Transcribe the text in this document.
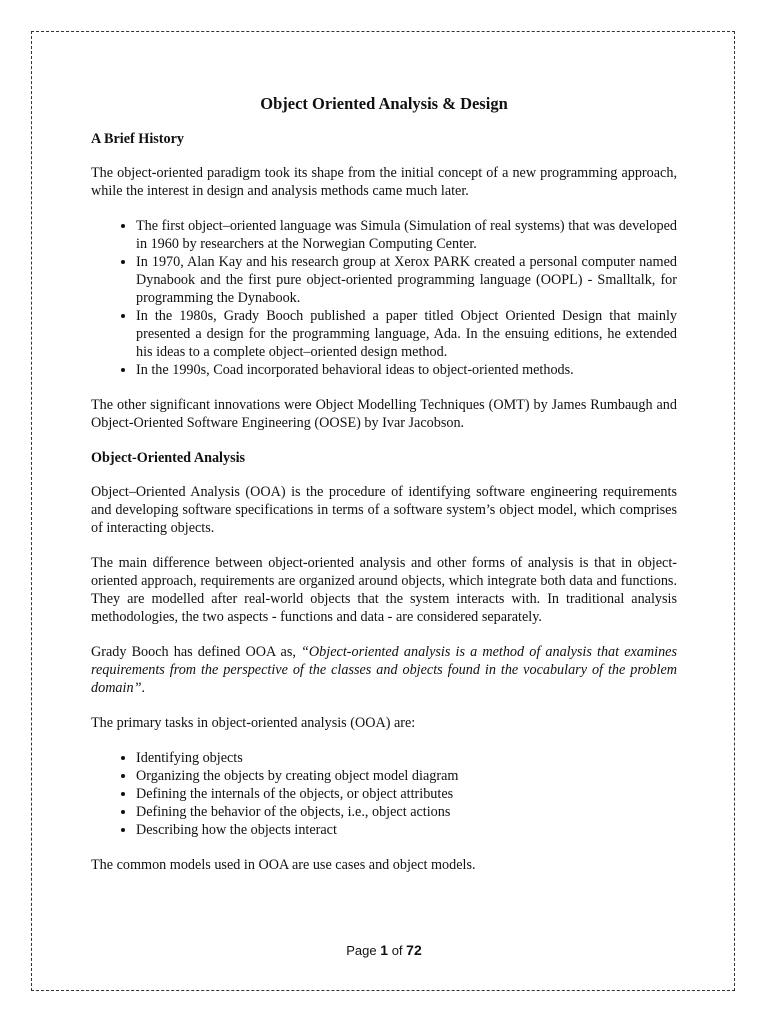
Object Oriented Analysis & Design
A Brief History

The object-oriented paradigm took its shape from the initial concept of a new programming approach, while the interest in design and analysis methods came much later.

• The first object–oriented language was Simula (Simulation of real systems) that was developed in 1960 by researchers at the Norwegian Computing Center.
• In 1970, Alan Kay and his research group at Xerox PARK created a personal computer named Dynabook and the first pure object-oriented programming language (OOPL) - Smalltalk, for programming the Dynabook.
• In the 1980s, Grady Booch published a paper titled Object Oriented Design that mainly presented a design for the programming language, Ada. In the ensuing editions, he extended his ideas to a complete object–oriented design method.
• In the 1990s, Coad incorporated behavioral ideas to object-oriented methods.

The other significant innovations were Object Modelling Techniques (OMT) by James Rumbaugh and Object-Oriented Software Engineering (OOSE) by Ivar Jacobson.

Object-Oriented Analysis

Object–Oriented Analysis (OOA) is the procedure of identifying software engineering requirements and developing software specifications in terms of a software system’s object model, which comprises of interacting objects.

The main difference between object-oriented analysis and other forms of analysis is that in object-oriented approach, requirements are organized around objects, which integrate both data and functions. They are modelled after real-world objects that the system interacts with. In traditional analysis methodologies, the two aspects - functions and data - are considered separately.

Grady Booch has defined OOA as, “Object-oriented analysis is a method of analysis that examines requirements from the perspective of the classes and objects found in the vocabulary of the problem domain”.

The primary tasks in object-oriented analysis (OOA) are:

• Identifying objects
• Organizing the objects by creating object model diagram
• Defining the internals of the objects, or object attributes
• Defining the behavior of the objects, i.e., object actions
• Describing how the objects interact

The common models used in OOA are use cases and object models.

Page 1 of 72
